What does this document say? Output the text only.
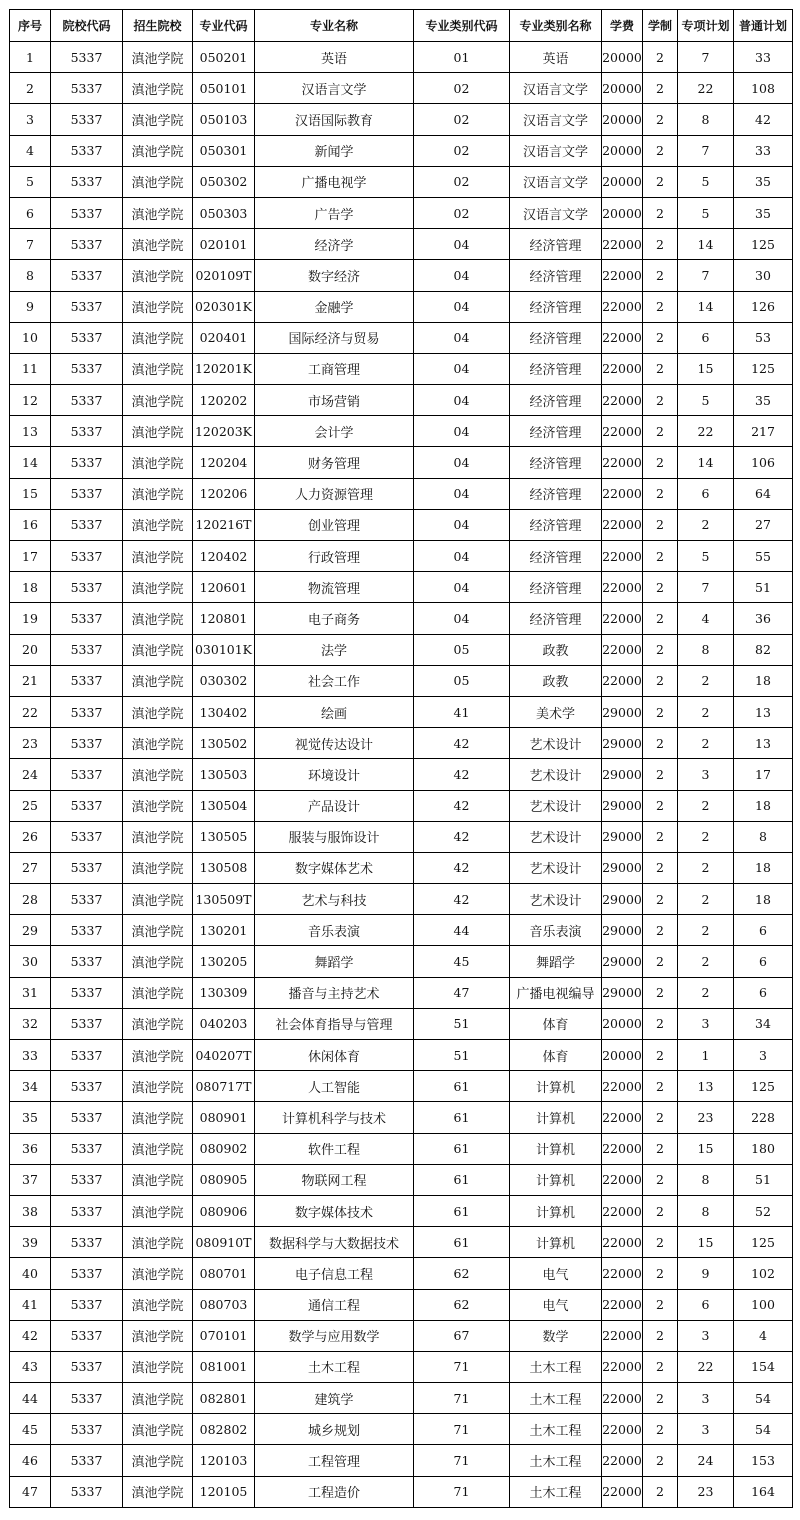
序号	院校代码	招生院校	专业代码	专业名称	专业类别代码	专业类别名称	学费	学制	专项计划	普通计划
1	5337	滇池学院	050201	英语	01	英语	20000	2	7	33
2	5337	滇池学院	050101	汉语言文学	02	汉语言文学	20000	2	22	108
3	5337	滇池学院	050103	汉语国际教育	02	汉语言文学	20000	2	8	42
4	5337	滇池学院	050301	新闻学	02	汉语言文学	20000	2	7	33
5	5337	滇池学院	050302	广播电视学	02	汉语言文学	20000	2	5	35
6	5337	滇池学院	050303	广告学	02	汉语言文学	20000	2	5	35
7	5337	滇池学院	020101	经济学	04	经济管理	22000	2	14	125
8	5337	滇池学院	020109T	数字经济	04	经济管理	22000	2	7	30
9	5337	滇池学院	020301K	金融学	04	经济管理	22000	2	14	126
10	5337	滇池学院	020401	国际经济与贸易	04	经济管理	22000	2	6	53
11	5337	滇池学院	120201K	工商管理	04	经济管理	22000	2	15	125
12	5337	滇池学院	120202	市场营销	04	经济管理	22000	2	5	35
13	5337	滇池学院	120203K	会计学	04	经济管理	22000	2	22	217
14	5337	滇池学院	120204	财务管理	04	经济管理	22000	2	14	106
15	5337	滇池学院	120206	人力资源管理	04	经济管理	22000	2	6	64
16	5337	滇池学院	120216T	创业管理	04	经济管理	22000	2	2	27
17	5337	滇池学院	120402	行政管理	04	经济管理	22000	2	5	55
18	5337	滇池学院	120601	物流管理	04	经济管理	22000	2	7	51
19	5337	滇池学院	120801	电子商务	04	经济管理	22000	2	4	36
20	5337	滇池学院	030101K	法学	05	政教	22000	2	8	82
21	5337	滇池学院	030302	社会工作	05	政教	22000	2	2	18
22	5337	滇池学院	130402	绘画	41	美术学	29000	2	2	13
23	5337	滇池学院	130502	视觉传达设计	42	艺术设计	29000	2	2	13
24	5337	滇池学院	130503	环境设计	42	艺术设计	29000	2	3	17
25	5337	滇池学院	130504	产品设计	42	艺术设计	29000	2	2	18
26	5337	滇池学院	130505	服装与服饰设计	42	艺术设计	29000	2	2	8
27	5337	滇池学院	130508	数字媒体艺术	42	艺术设计	29000	2	2	18
28	5337	滇池学院	130509T	艺术与科技	42	艺术设计	29000	2	2	18
29	5337	滇池学院	130201	音乐表演	44	音乐表演	29000	2	2	6
30	5337	滇池学院	130205	舞蹈学	45	舞蹈学	29000	2	2	6
31	5337	滇池学院	130309	播音与主持艺术	47	广播电视编导	29000	2	2	6
32	5337	滇池学院	040203	社会体育指导与管理	51	体育	20000	2	3	34
33	5337	滇池学院	040207T	休闲体育	51	体育	20000	2	1	3
34	5337	滇池学院	080717T	人工智能	61	计算机	22000	2	13	125
35	5337	滇池学院	080901	计算机科学与技术	61	计算机	22000	2	23	228
36	5337	滇池学院	080902	软件工程	61	计算机	22000	2	15	180
37	5337	滇池学院	080905	物联网工程	61	计算机	22000	2	8	51
38	5337	滇池学院	080906	数字媒体技术	61	计算机	22000	2	8	52
39	5337	滇池学院	080910T	数据科学与大数据技术	61	计算机	22000	2	15	125
40	5337	滇池学院	080701	电子信息工程	62	电气	22000	2	9	102
41	5337	滇池学院	080703	通信工程	62	电气	22000	2	6	100
42	5337	滇池学院	070101	数学与应用数学	67	数学	22000	2	3	4
43	5337	滇池学院	081001	土木工程	71	土木工程	22000	2	22	154
44	5337	滇池学院	082801	建筑学	71	土木工程	22000	2	3	54
45	5337	滇池学院	082802	城乡规划	71	土木工程	22000	2	3	54
46	5337	滇池学院	120103	工程管理	71	土木工程	22000	2	24	153
47	5337	滇池学院	120105	工程造价	71	土木工程	22000	2	23	164
